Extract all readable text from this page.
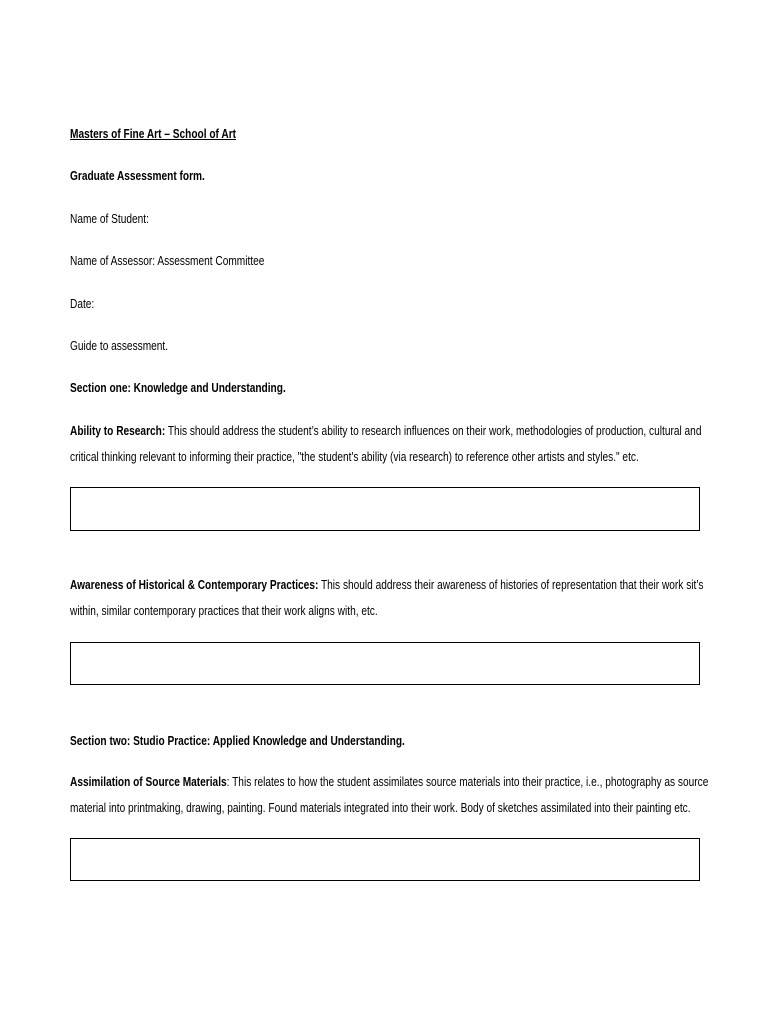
Masters of Fine Art – School of Art
Graduate Assessment form.
Name of Student:
Name of Assessor: Assessment Committee
Date:
Guide to assessment.
Section one: Knowledge and Understanding.
Ability to Research: This should address the student’s ability to research influences on their work, methodologies of production, cultural and
critical thinking relevant to informing their practice, "the student's ability (via research) to reference other artists and styles." etc.
Awareness of Historical & Contemporary Practices: This should address their awareness of histories of representation that their work sit’s
within, similar contemporary practices that their work aligns with, etc.
Section two: Studio Practice: Applied Knowledge and Understanding.
Assimilation of Source Materials: This relates to how the student assimilates source materials into their practice, i.e., photography as source
material into printmaking, drawing, painting. Found materials integrated into their work. Body of sketches assimilated into their painting etc.
